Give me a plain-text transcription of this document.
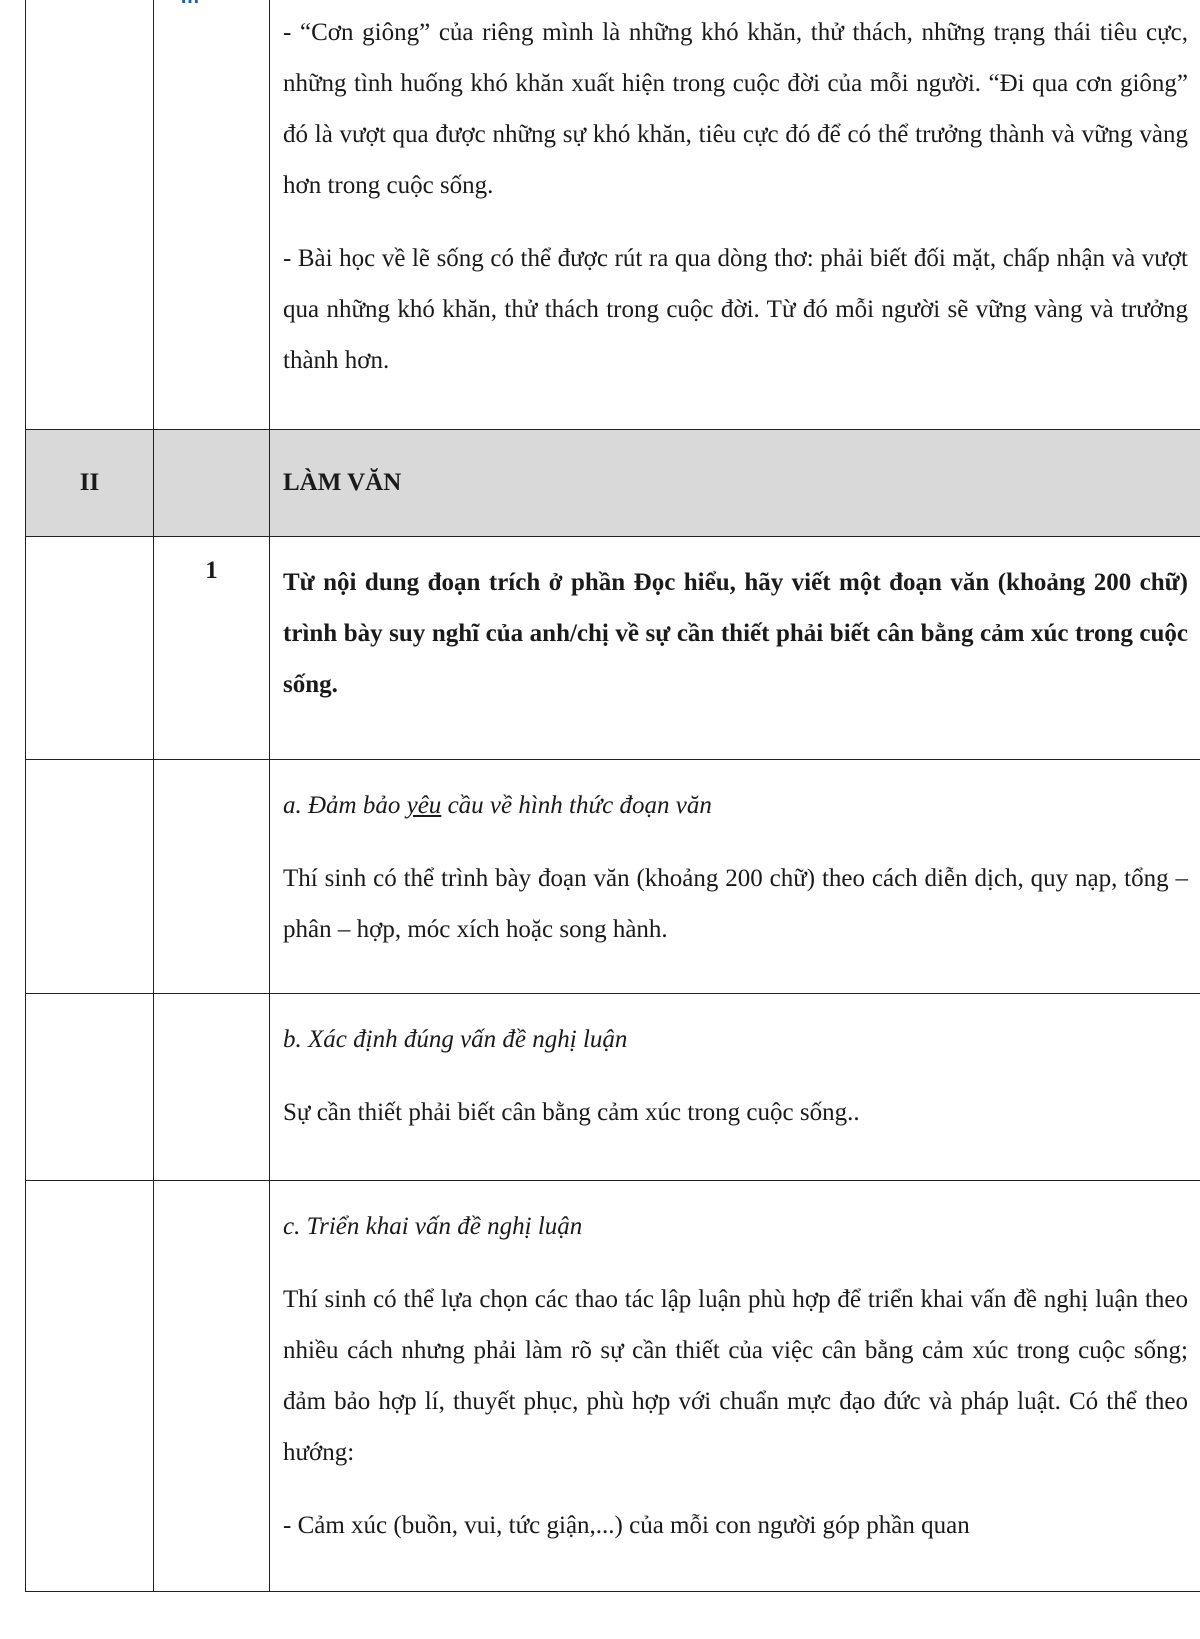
		- “Cơn giông” của riêng mình là những khó khăn, thử thách, những trạng thái tiêu cực, những tình huống khó khăn xuất hiện trong cuộc đời của mỗi người. “Đi qua cơn giông” đó là vượt qua được những sự khó khăn, tiêu cực đó để có thể trưởng thành và vững vàng hơn trong cuộc sống.

- Bài học về lẽ sống có thể được rút ra qua dòng thơ: phải biết đối mặt, chấp nhận và vượt qua những khó khăn, thử thách trong cuộc đời. Từ đó mỗi người sẽ vững vàng và trưởng thành hơn.

II		LÀM VĂN
	1	Từ nội dung đoạn trích ở phần Đọc hiểu, hãy viết một đoạn văn (khoảng 200 chữ) trình bày suy nghĩ của anh/chị về sự cần thiết phải biết cân bằng cảm xúc trong cuộc sống.

		a. Đảm bảo yêu cầu về hình thức đoạn văn

Thí sinh có thể trình bày đoạn văn (khoảng 200 chữ) theo cách diễn dịch, quy nạp, tổng – phân – hợp, móc xích hoặc song hành.

		b. Xác định đúng vấn đề nghị luận

Sự cần thiết phải biết cân bằng cảm xúc trong cuộc sống..

		c. Triển khai vấn đề nghị luận

Thí sinh có thể lựa chọn các thao tác lập luận phù hợp để triển khai vấn đề nghị luận theo nhiều cách nhưng phải làm rõ sự cần thiết của việc cân bằng cảm xúc trong cuộc sống; đảm bảo hợp lí, thuyết phục, phù hợp với chuẩn mực đạo đức và pháp luật. Có thể theo hướng:

- Cảm xúc (buồn, vui, tức giận,...) của mỗi con người góp phần quan
